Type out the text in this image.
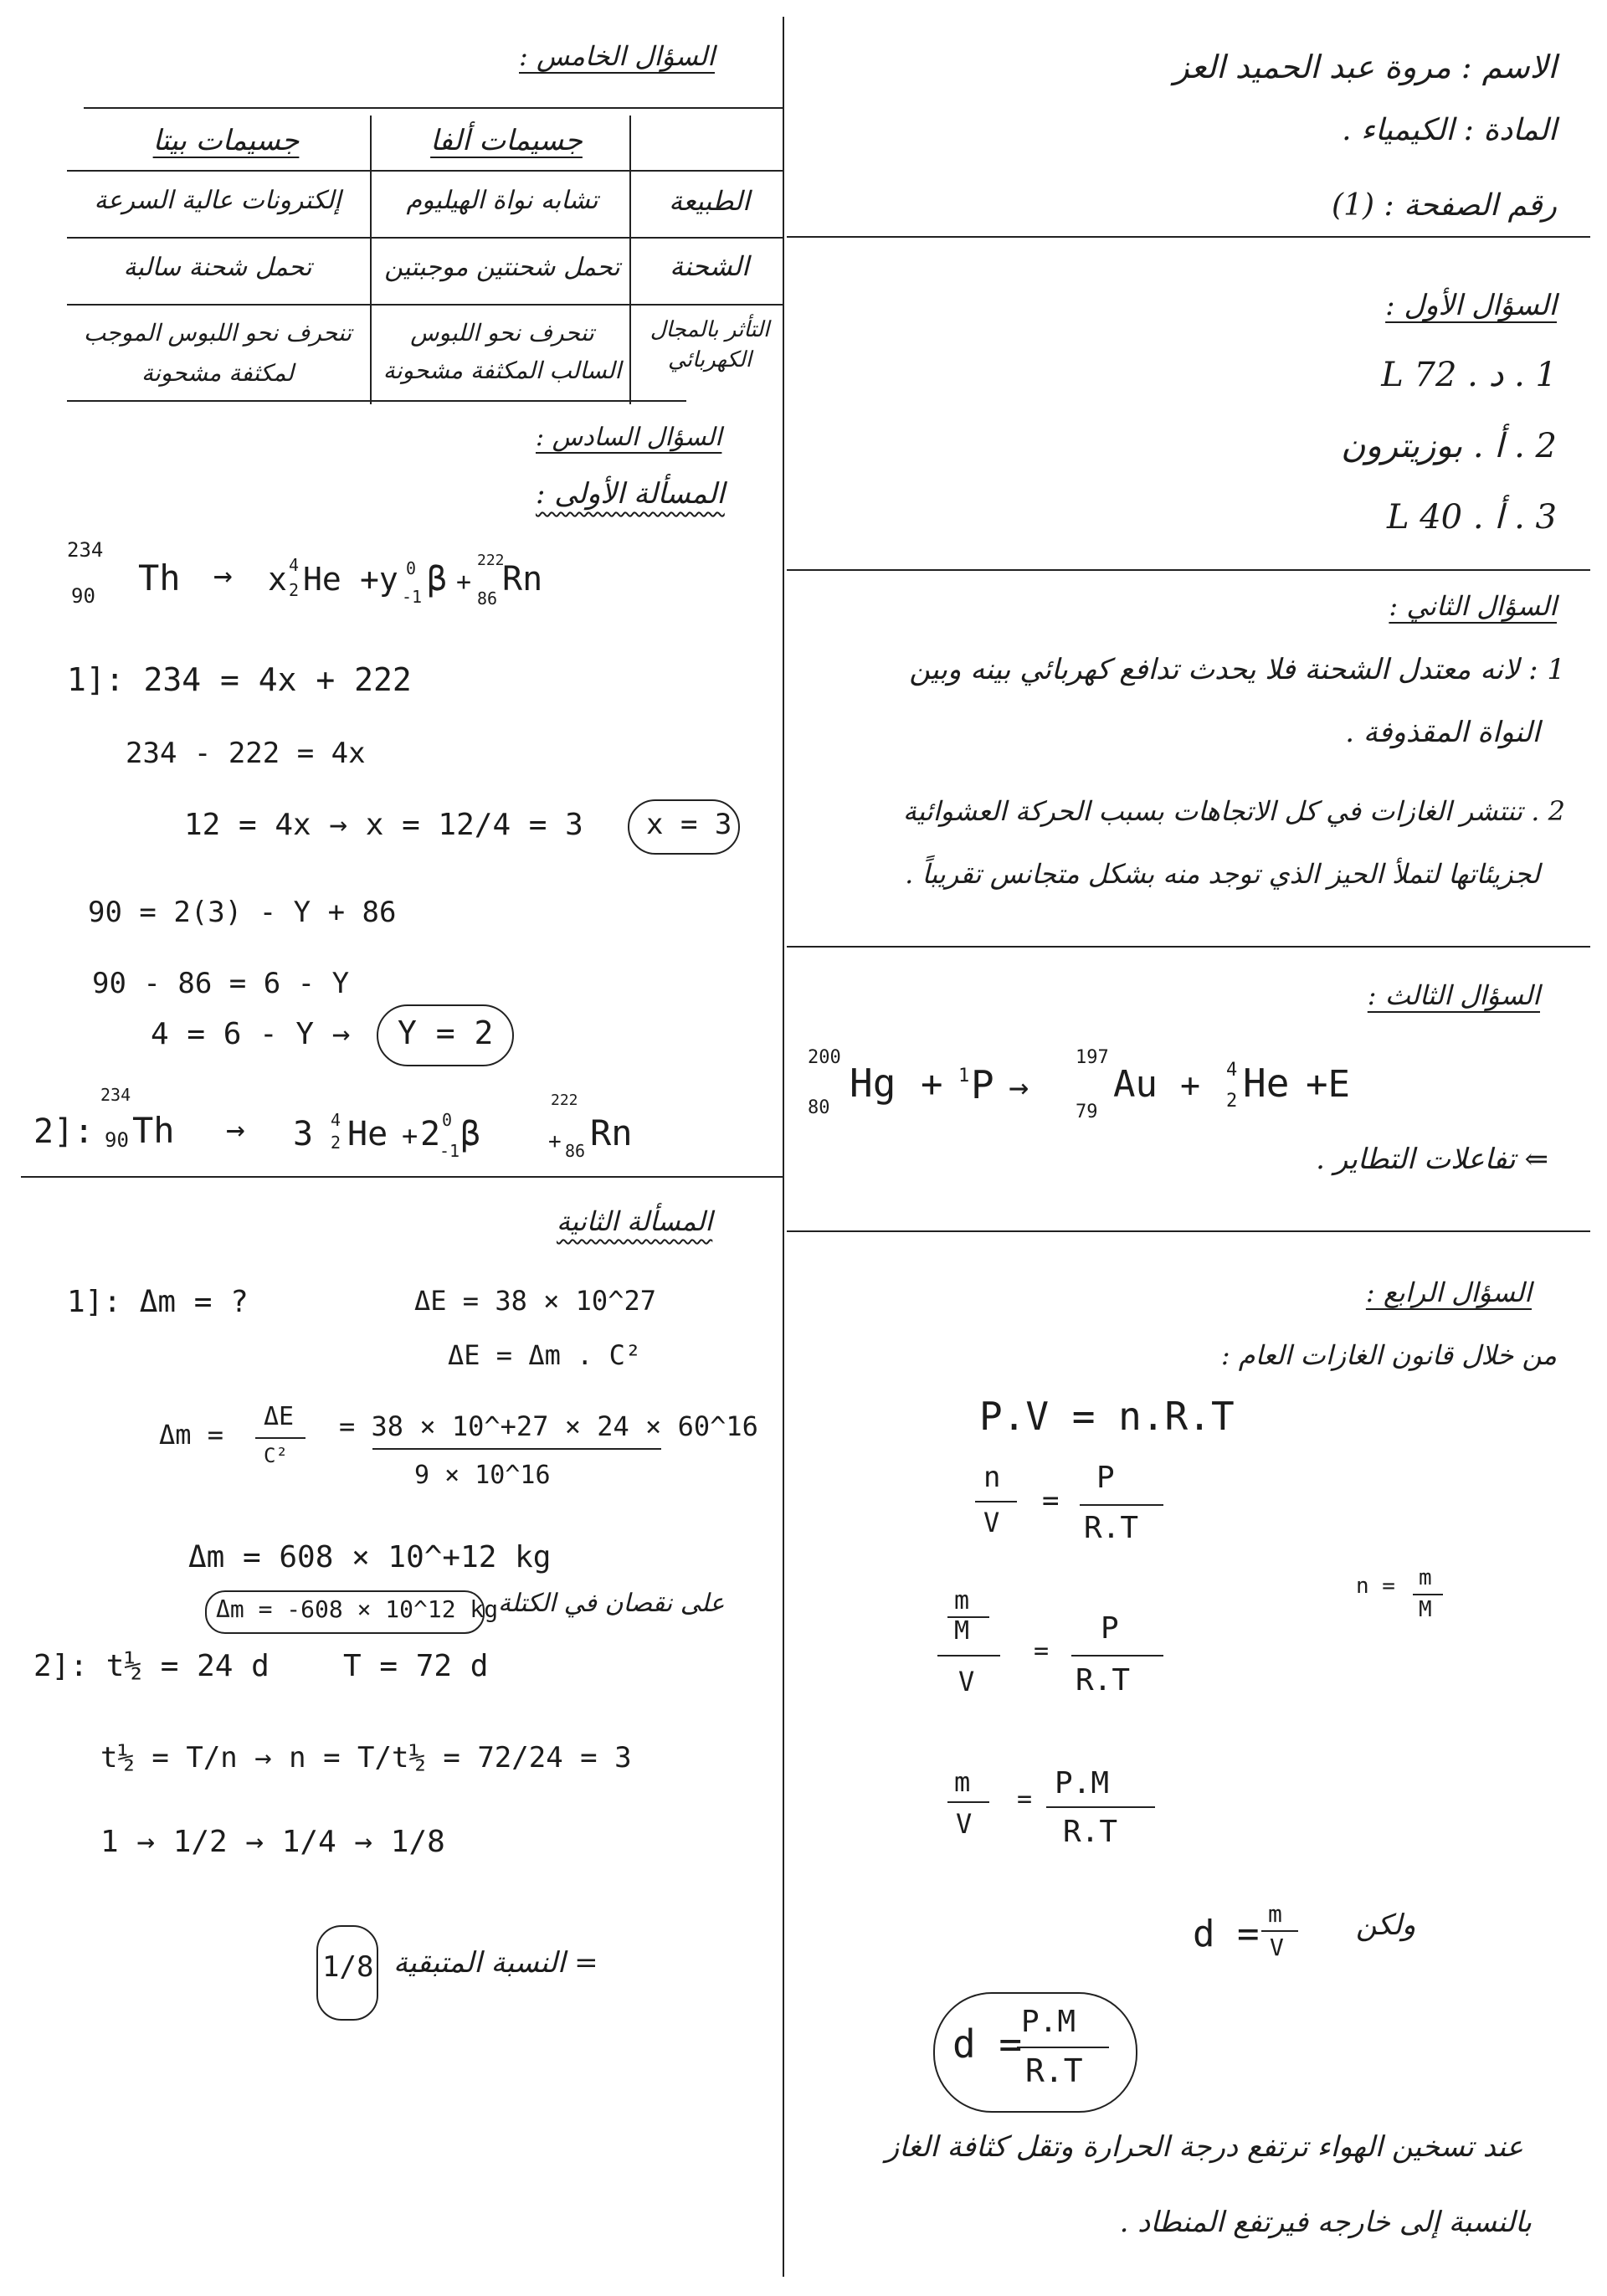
الاسم : مروة عبد الحميد العز
المادة : الكيمياء .
رقم الصفحة : (1)
السؤال الأول :
1 . د . 72 L
2 . أ . بوزيترون
3 . أ . 40 L
السؤال الثاني :
1 : لانه معتدل الشحنة فلا يحدث تدافع كهربائي بينه وبين
النواة المقذوفة .
2 . تنتشر الغازات في كل الاتجاهات بسبب الحركة العشوائية
لجزيئاتها لتملأ الحيز الذي توجد منه بشكل متجانس تقريباً .
السؤال الثالث :
200
80
Hg + 1 P →
197
79
Au + 4
2 He +E
⇐ تفاعلات التطاير .
السؤال الرابع :
من خلال قانون الغازات العام :
P.V = n.R.T
n
V
=
P
R.T
n = m
M
m
M
V
=
P
R.T
m
V
= P.M
R.T
ولكن
d = m
V
d =
P.M
R.T
عند تسخين الهواء ترتفع درجة الحرارة وتقل كثافة الغاز
بالنسبة إلى خارجه فيرتفع المنطاد .
السؤال الخامس :
جسيمات ألفا
جسيمات بيتا
الطبيعة
تشابه نواة الهيليوم
إلكترونات عالية السرعة
الشحنة
تحمل شحنتين موجبتين
تحمل شحنة سالبة
التأثر بالمجال الكهربائي
تنحرف نحو اللبوس
السالب المكثفة مشحونة
تنحرف نحو اللبوس الموجب
لمكثفة مشحونة
السؤال السادس :
المسألة الأولى :
234
90 Th → x 4
2 He +y 0
-1 β +
222
86 Rn
1]: 234 = 4x + 222
234 - 222 = 4x
12 = 4x → x = 12/4 = 3 x = 3
90 = 2(3) - Y + 86
90 - 86 = 6 - Y
4 = 6 - Y → Y = 2
2]:
234
90 Th → 3 4
2 He + 2 0
-1 β
222
+ 86 Rn
المسألة الثانية
1]: Δm = ?	ΔE = 38 × 10^27
ΔE = Δm . C²
Δm =
ΔE
C²
= 38 × 10^+27 × 24 × 60^16
9 × 10^16
Δm = 608 × 10^+12 kg
Δm = -608 × 10^12 kg على نقصان في الكتلة
2]: t½ = 24 d T = 72 d
t½ = T/n → n = T/t½ = 72/24 = 3
1 → 1/2 → 1/4 → 1/8
1/8 = النسبة المتبقية
